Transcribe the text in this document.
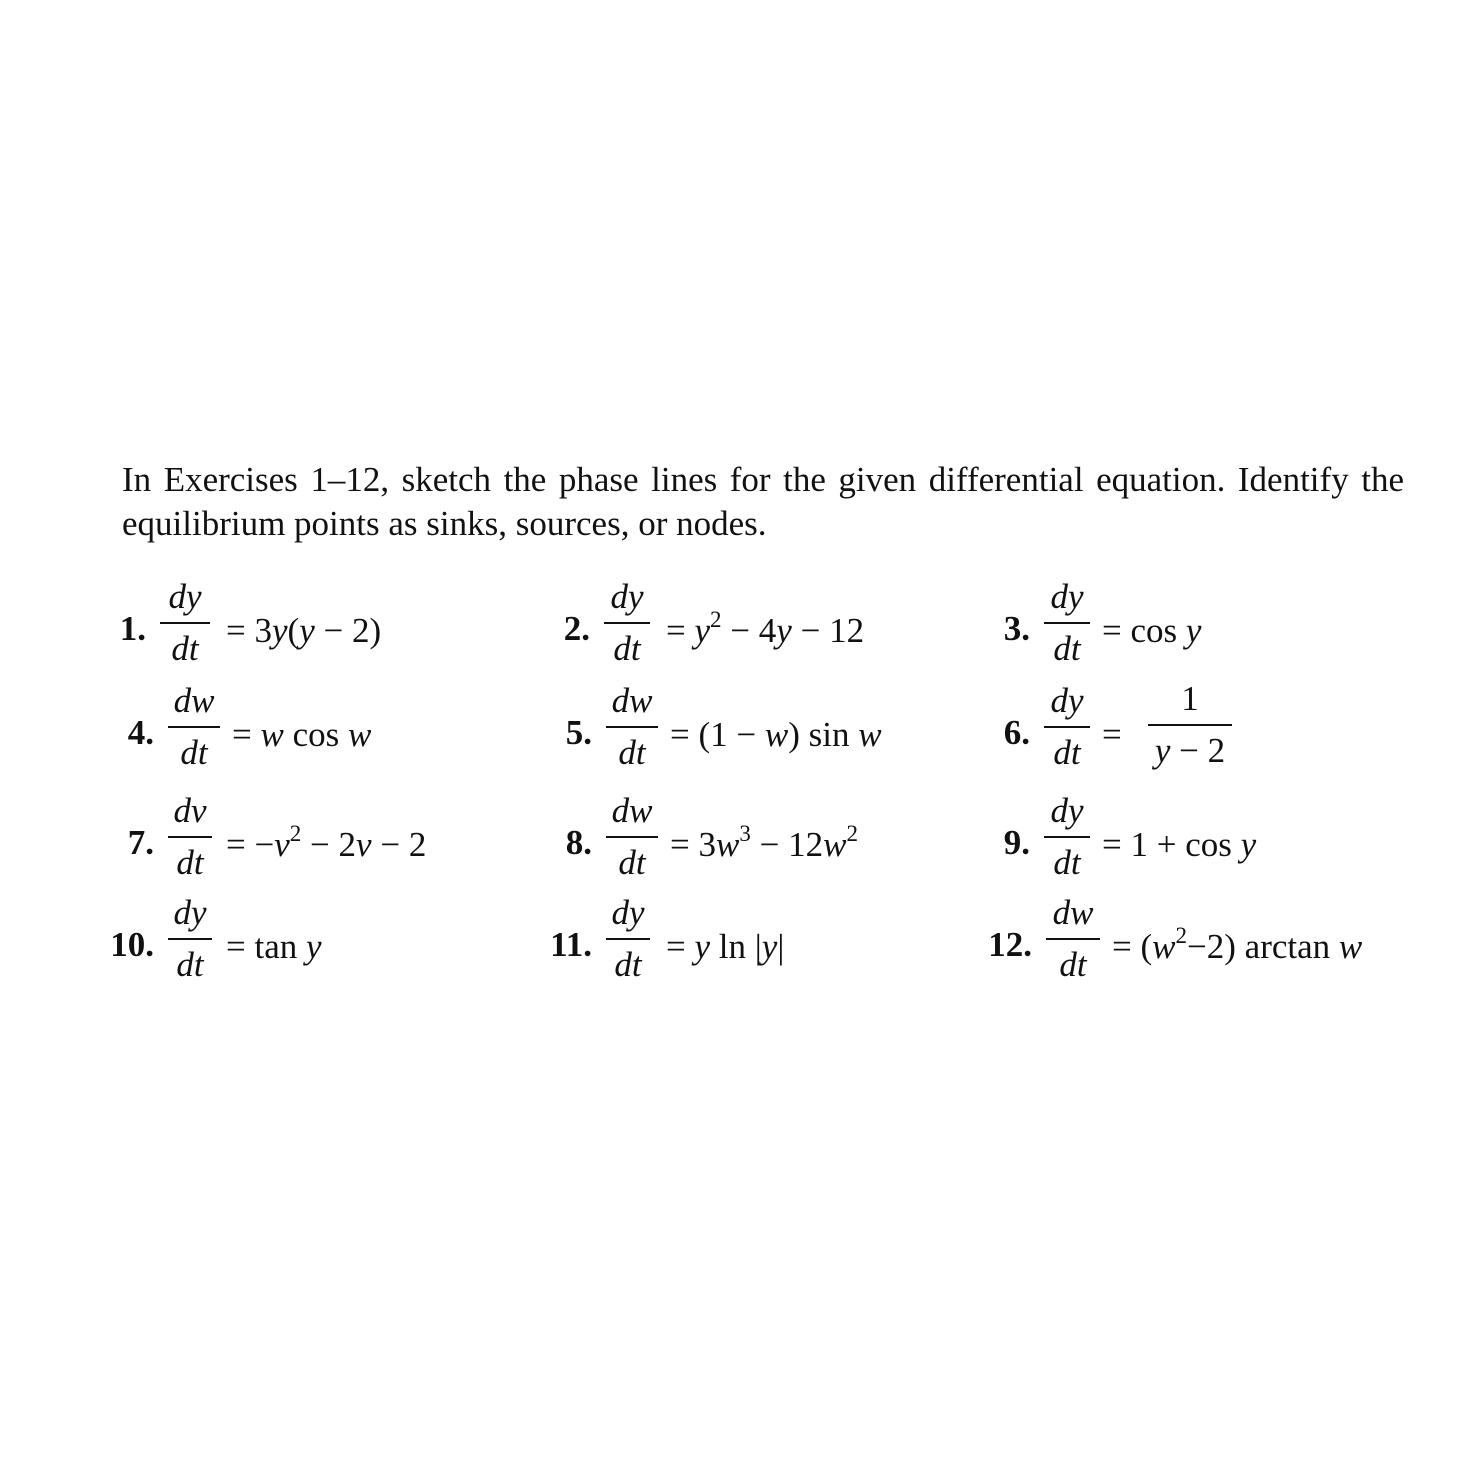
In Exercises 1–12, sketch the phase lines for the given differential equation. Identify the equilibrium points as sinks, sources, or nodes.
1.
dy
dt = 3y(y − 2)	2.
dy
dt = $y^2 - 4y - 12$	3.
dy
dt = cos y
4.
dw
dt = w cos w	5.
dw
dt = (1 − w) sin w	6.
dy
dt =
1
y − 2
7.
dv
dt = $-v^2 - 2v - 2$	8.
dw
dt = $3w^3 - 12w^2$	9.
dy
dt = 1 + cos y
10.
dy
dt = tan y	11.
dy
dt = y ln |y|	12.
dw
dt = $(w^2-2)$ arctan w
